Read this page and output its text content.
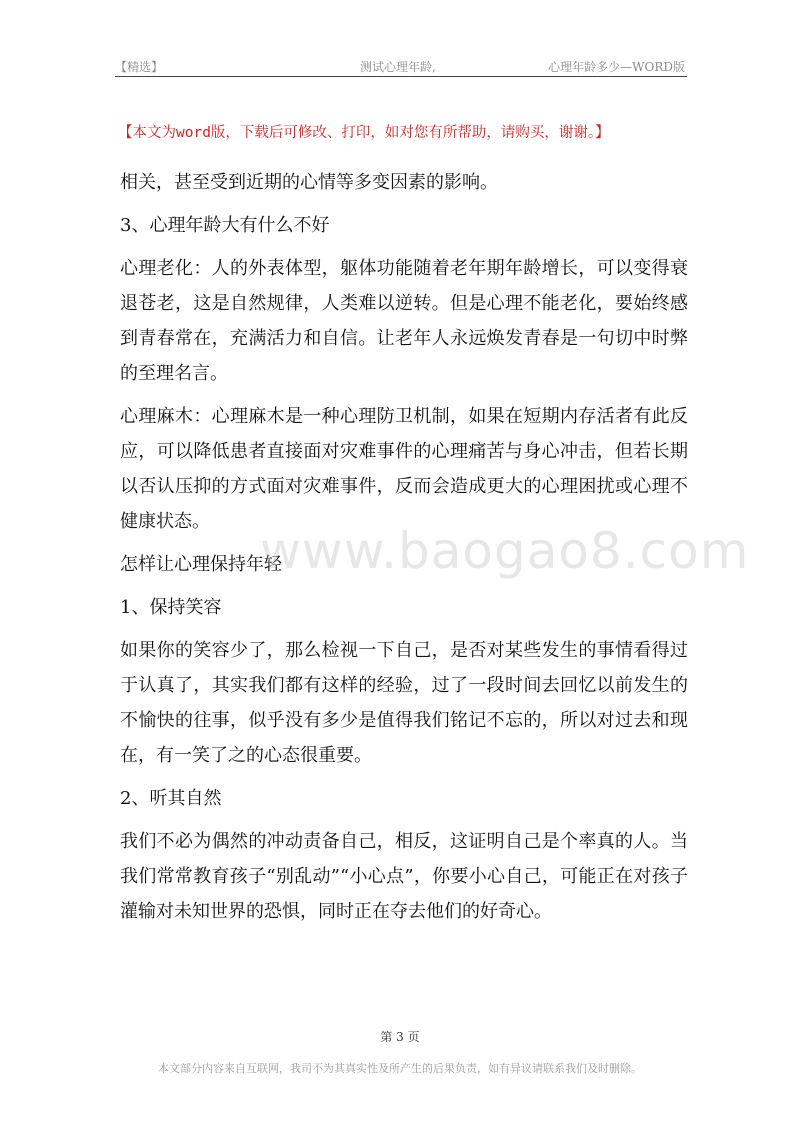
【精选】	测试心理年龄,	心理年龄多少—WORD版
【本文为word版，下载后可修改、打印，如对您有所帮助，请购买，谢谢。】

相关，甚至受到近期的心情等多变因素的影响。

3、心理年龄大有什么不好

心理老化：人的外表体型，躯体功能随着老年期年龄增长，可以变得衰退苍老，这是自然规律，人类难以逆转。但是心理不能老化，要始终感到青春常在，充满活力和自信。让老年人永远焕发青春是一句切中时弊的至理名言。

心理麻木：心理麻木是一种心理防卫机制，如果在短期内存活者有此反应，可以降低患者直接面对灾难事件的心理痛苦与身心冲击，但若长期以否认压抑的方式面对灾难事件，反而会造成更大的心理困扰或心理不健康状态。

怎样让心理保持年轻

1、保持笑容

如果你的笑容少了，那么检视一下自己，是否对某些发生的事情看得过于认真了，其实我们都有这样的经验，过了一段时间去回忆以前发生的不愉快的往事，似乎没有多少是值得我们铭记不忘的，所以对过去和现在，有一笑了之的心态很重要。

2、听其自然

我们不必为偶然的冲动责备自己，相反，这证明自己是个率真的人。当我们常常教育孩子“别乱动”“小心点”，你要小心自己，可能正在对孩子灌输对未知世界的恐惧，同时正在夺去他们的好奇心。

www.baogao8.com
第 3 页
本文部分内容来自互联网，我司不为其真实性及所产生的后果负责，如有异议请联系我们及时删除。
